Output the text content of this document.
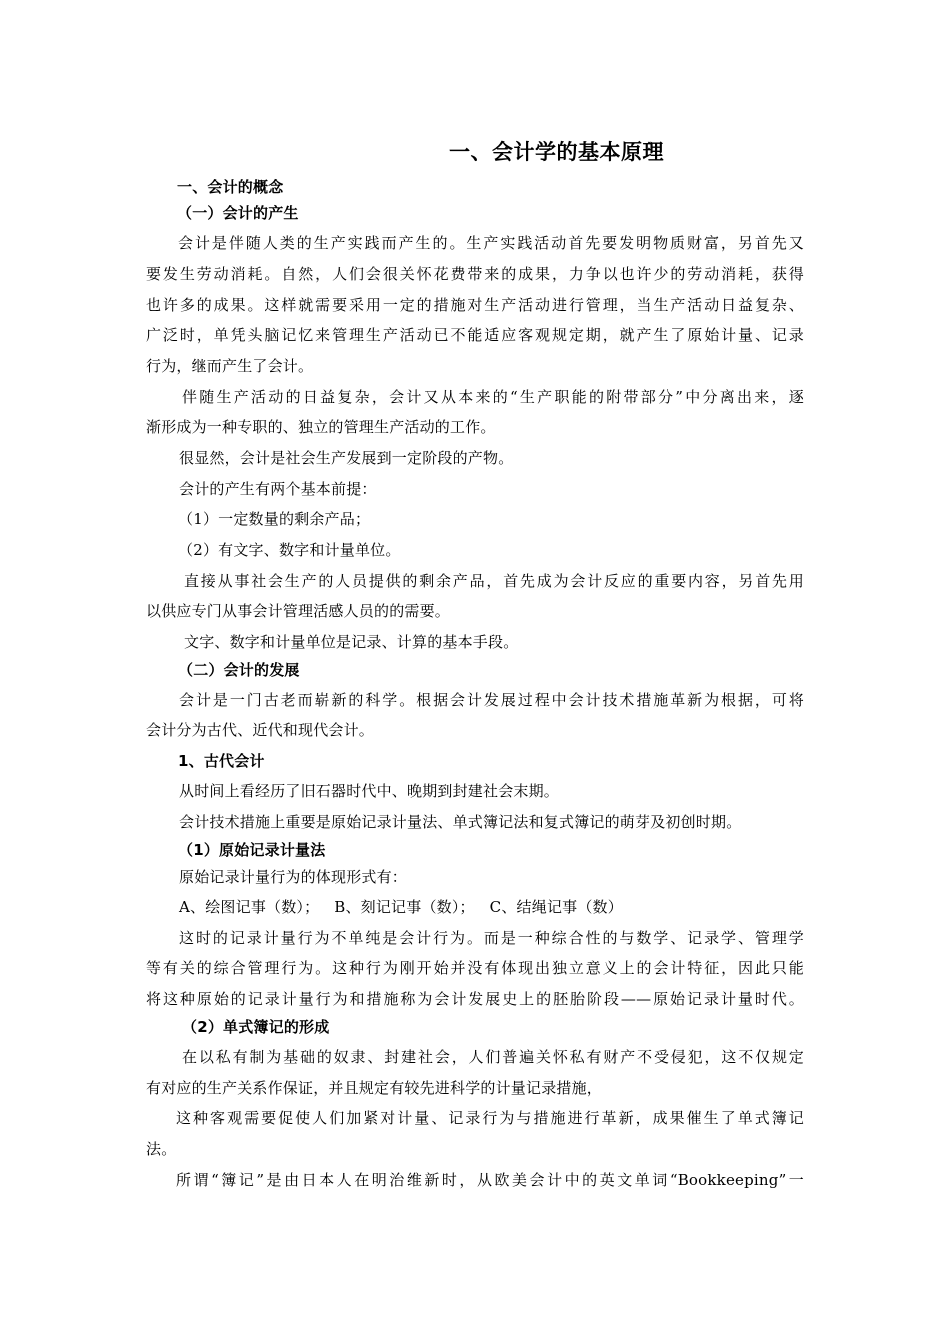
一、会计学的基本原理
一、会计的概念
（一）会计的产生
会计是伴随人类的生产实践而产生的。生产实践活动首先要发明物质财富，另首先又
要发生劳动消耗。自然，人们会很关怀花费带来的成果，力争以也许少的劳动消耗，获得
也许多的成果。这样就需要采用一定的措施对生产活动进行管理，当生产活动日益复杂、
广泛时，单凭头脑记忆来管理生产活动已不能适应客观规定期，就产生了原始计量、记录
行为，继而产生了会计。
伴随生产活动的日益复杂，会计又从本来的“生产职能的附带部分”中分离出来，逐
渐形成为一种专职的、独立的管理生产活动的工作。
很显然，会计是社会生产发展到一定阶段的产物。
会计的产生有两个基本前提：
（1）一定数量的剩余产品；
（2）有文字、数字和计量单位。
直接从事社会生产的人员提供的剩余产品，首先成为会计反应的重要内容，另首先用
以供应专门从事会计管理活感人员的的需要。
文字、数字和计量单位是记录、计算的基本手段。
（二）会计的发展
会计是一门古老而崭新的科学。根据会计发展过程中会计技术措施革新为根据，可将
会计分为古代、近代和现代会计。
1、古代会计
从时间上看经历了旧石器时代中、晚期到封建社会末期。
会计技术措施上重要是原始记录计量法、单式簿记法和复式簿记的萌芽及初创时期。
（1）原始记录计量法
原始记录计量行为的体现形式有：
A、绘图记事（数）；   B、刻记记事（数）；   C、结绳记事（数）
这时的记录计量行为不单纯是会计行为。而是一种综合性的与数学、记录学、管理学
等有关的综合管理行为。这种行为刚开始并没有体现出独立意义上的会计特征，因此只能
将这种原始的记录计量行为和措施称为会计发展史上的胚胎阶段——原始记录计量时代。
（2）单式簿记的形成
在以私有制为基础的奴隶、封建社会，人们普遍关怀私有财产不受侵犯，这不仅规定
有对应的生产关系作保证，并且规定有较先进科学的计量记录措施，
这种客观需要促使人们加紧对计量、记录行为与措施进行革新，成果催生了单式簿记
法。
所谓“簿记”是由日本人在明治维新时，从欧美会计中的英文单词“Bookkeeping”一
